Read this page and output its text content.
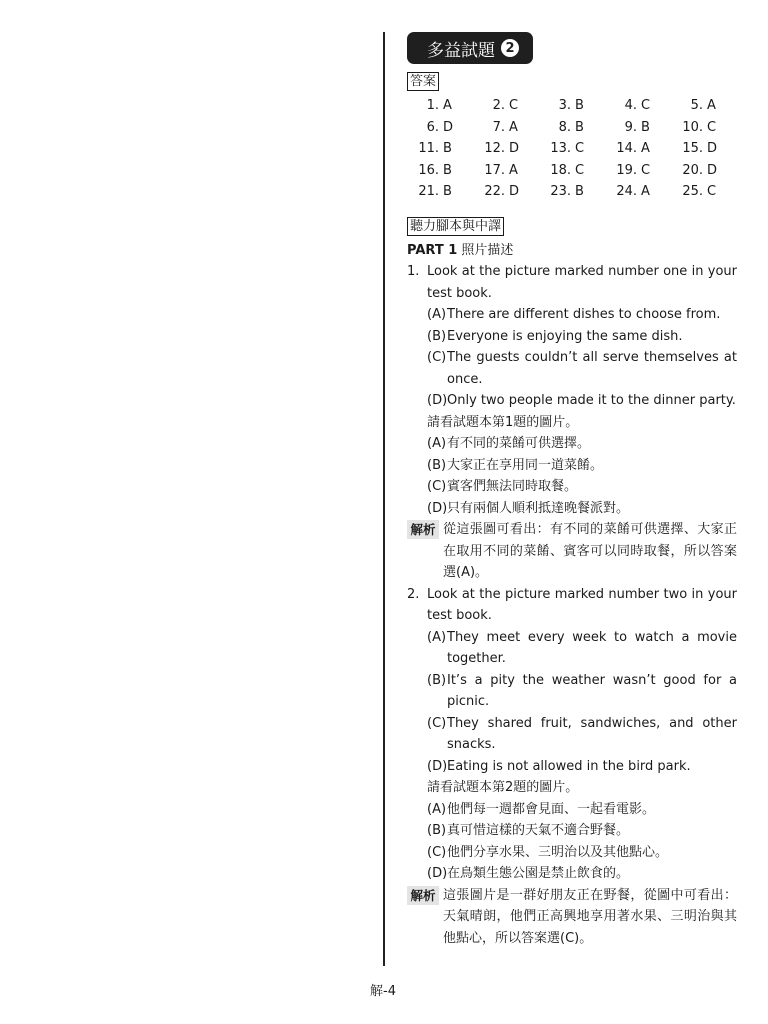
多益試題 2
答案
1. A	2. C	3. B	4. C	5. A
6. D	7. A	8. B	9. B	10. C
11. B	12. D	13. C	14. A	15. D
16. B	17. A	18. C	19. C	20. D
21. B	22. D	23. B	24. A	25. C
聽力腳本與中譯
PART 1 照片描述
1. Look at the picture marked number one in your test book.
(A) There are different dishes to choose from.
(B) Everyone is enjoying the same dish.
(C) The guests couldn’t all serve themselves at once.
(D) Only two people made it to the dinner party.
請看試題本第1題的圖片。
(A) 有不同的菜餚可供選擇。
(B) 大家正在享用同一道菜餚。
(C) 賓客們無法同時取餐。
(D) 只有兩個人順利抵達晚餐派對。
解析 從這張圖可看出：有不同的菜餚可供選擇、大家正在取用不同的菜餚、賓客可以同時取餐，所以答案選(A)。
2. Look at the picture marked number two in your test book.
(A) They meet every week to watch a movie together.
(B) It’s a pity the weather wasn’t good for a picnic.
(C) They shared fruit, sandwiches, and other snacks.
(D) Eating is not allowed in the bird park.
請看試題本第2題的圖片。
(A) 他們每一週都會見面、一起看電影。
(B) 真可惜這樣的天氣不適合野餐。
(C) 他們分享水果、三明治以及其他點心。
(D) 在鳥類生態公園是禁止飲食的。
解析 這張圖片是一群好朋友正在野餐，從圖中可看出：天氣晴朗，他們正高興地享用著水果、三明治與其他點心，所以答案選(C)。
解-4
